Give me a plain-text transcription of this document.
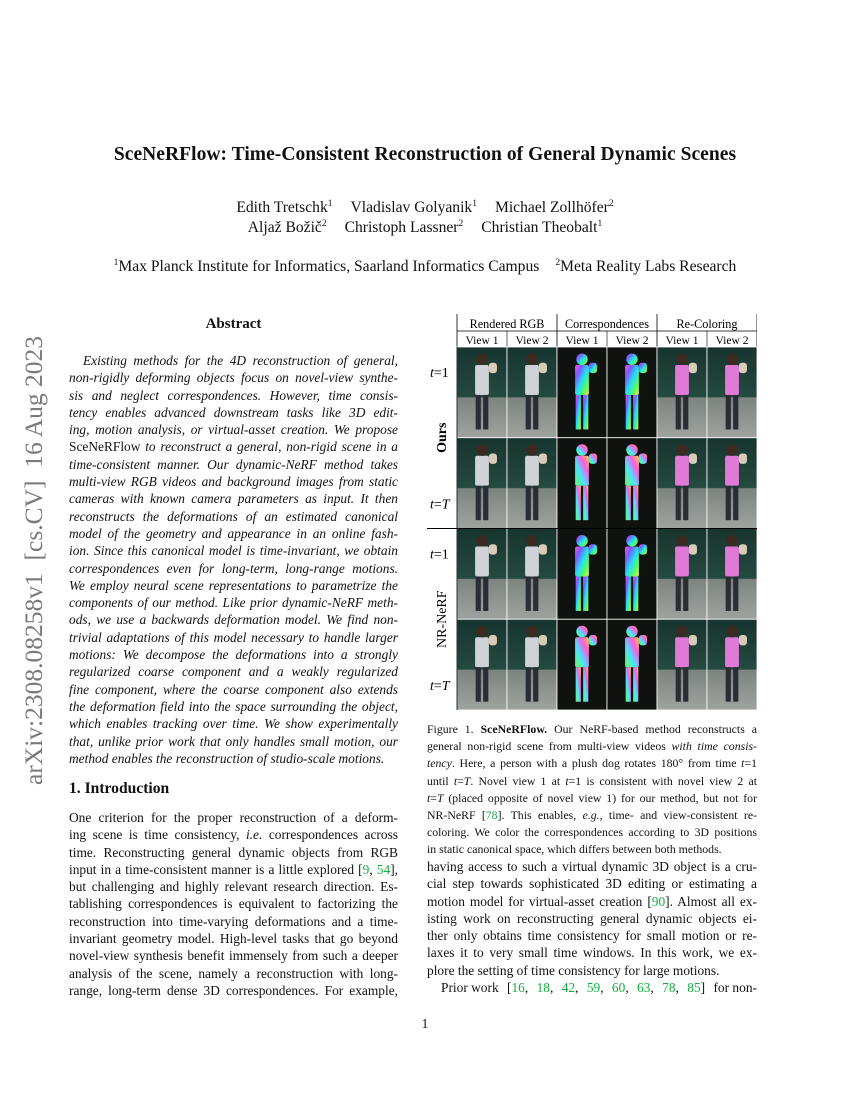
arXiv:2308.08258v1  [cs.CV]  16 Aug 2023
SceNeRFlow: Time-Consistent Reconstruction of General Dynamic Scenes
Edith Tretschk$^1$ Vladislav Golyanik$^1$ Michael Zollhöfer$^2$
Aljaž Božič$^2$ Christoph Lassner$^2$ Christian Theobalt$^1$
$^1$Max Planck Institute for Informatics, Saarland Informatics Campus $^2$Meta Reality Labs Research
Abstract
Existing methods for the 4D reconstruction of general,
non-rigidly deforming objects focus on novel-view synthe-
sis and neglect correspondences. However, time consis-
tency enables advanced downstream tasks like 3D edit-
ing, motion analysis, or virtual-asset creation. We propose
SceNeRFlow to reconstruct a general, non-rigid scene in a
time-consistent manner. Our dynamic-NeRF method takes
multi-view RGB videos and background images from static
cameras with known camera parameters as input. It then
reconstructs the deformations of an estimated canonical
model of the geometry and appearance in an online fash-
ion. Since this canonical model is time-invariant, we obtain
correspondences even for long-term, long-range motions.
We employ neural scene representations to parametrize the
components of our method. Like prior dynamic-NeRF meth-
ods, we use a backwards deformation model. We find non-
trivial adaptations of this model necessary to handle larger
motions: We decompose the deformations into a strongly
regularized coarse component and a weakly regularized
fine component, where the coarse component also extends
the deformation field into the space surrounding the object,
which enables tracking over time. We show experimentally
that, unlike prior work that only handles small motion, our
method enables the reconstruction of studio-scale motions.
1. Introduction
One criterion for the proper reconstruction of a deform-
ing scene is time consistency, i.e. correspondences across
time. Reconstructing general dynamic objects from RGB
input in a time-consistent manner is a little explored [9, 54],
but challenging and highly relevant research direction. Es-
tablishing correspondences is equivalent to factorizing the
reconstruction into time-varying deformations and a time-
invariant geometry model. High-level tasks that go beyond
novel-view synthesis benefit immensely from such a deeper
analysis of the scene, namely a reconstruction with long-
range, long-term dense 3D correspondences. For example,
Rendered RGB Correspondences Re-Coloring
View 1 View 2 View 1 View 2 View 1 View 2
t=1
t=T
t=1
t=T
Ours
NR-NeRF
Figure 1. SceNeRFlow. Our NeRF-based method reconstructs a
general non-rigid scene from multi-view videos with time consis-
tency. Here, a person with a plush dog rotates 180° from time t=1
until t=T. Novel view 1 at t=1 is consistent with novel view 2 at
t=T (placed opposite of novel view 1) for our method, but not for
NR-NeRF [78]. This enables, e.g., time- and view-consistent re-
coloring. We color the correspondences according to 3D positions
in static canonical space, which differs between both methods.
having access to such a virtual dynamic 3D object is a cru-
cial step towards sophisticated 3D editing or estimating a
motion model for virtual-asset creation [90]. Almost all ex-
isting work on reconstructing general dynamic objects ei-
ther only obtains time consistency for small motion or re-
laxes it to very small time windows. In this work, we ex-
plore the setting of time consistency for large motions.
Prior work [16, 18, 42, 59, 60, 63, 78, 85] for non-
1
